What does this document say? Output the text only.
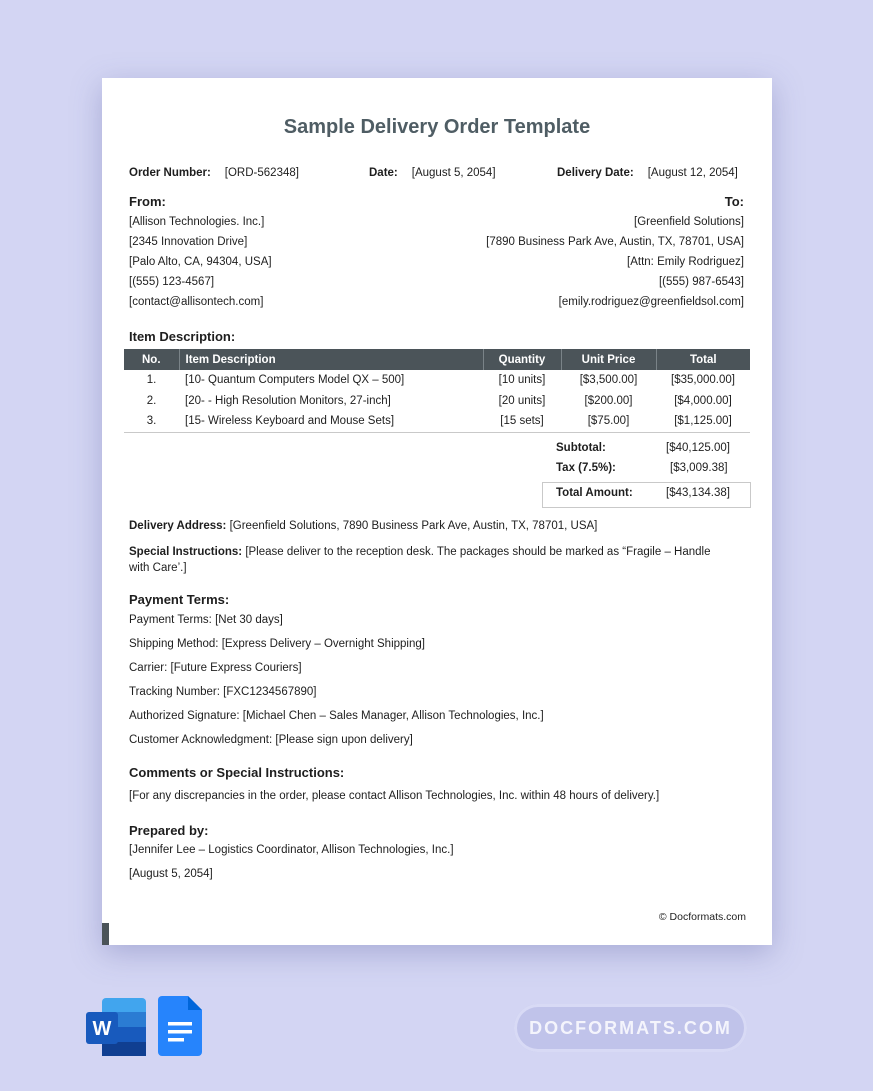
Sample Delivery Order Template
Order Number: [ORD-562348]	Date: [August 5, 2054]	Delivery Date: [August 12, 2054]
From:	To:
[Allison Technologies. Inc.]
[2345 Innovation Drive]
[Palo Alto, CA, 94304, USA]
[(555) 123-4567]
[contact@allisontech.com]
[Greenfield Solutions]
[7890 Business Park Ave, Austin, TX, 78701, USA]
[Attn: Emily Rodriguez]
[(555) 987-6543]
[emily.rodriguez@greenfieldsol.com]
Item Description:
No.	Item Description	Quantity	Unit Price	Total
1.	[10- Quantum Computers Model QX – 500]	[10 units]	[$3,500.00]	[$35,000.00]
2.	[20- - High Resolution Monitors, 27-inch]	[20 units]	[$200.00]	[$4,000.00]
3.	[15- Wireless Keyboard and Mouse Sets]	[15 sets]	[$75.00]	[$1,125.00]
Subtotal:	[$40,125.00]
Tax (7.5%):	[$3,009.38]
Total Amount:	[$43,134.38]
Delivery Address: [Greenfield Solutions, 7890 Business Park Ave, Austin, TX, 78701, USA]
Special Instructions: [Please deliver to the reception desk. The packages should be marked as “Fragile – Handle with Care’.]
Payment Terms:
Payment Terms: [Net 30 days]
Shipping Method: [Express Delivery – Overnight Shipping]
Carrier: [Future Express Couriers]
Tracking Number: [FXC1234567890]
Authorized Signature: [Michael Chen – Sales Manager, Allison Technologies, Inc.]
Customer Acknowledgment: [Please sign upon delivery]
Comments or Special Instructions:
[For any discrepancies in the order, please contact Allison Technologies, Inc. within 48 hours of delivery.]
Prepared by:
[Jennifer Lee – Logistics Coordinator, Allison Technologies, Inc.]
[August 5, 2054]
© Docformats.com
W	DOCFORMATS.COM
